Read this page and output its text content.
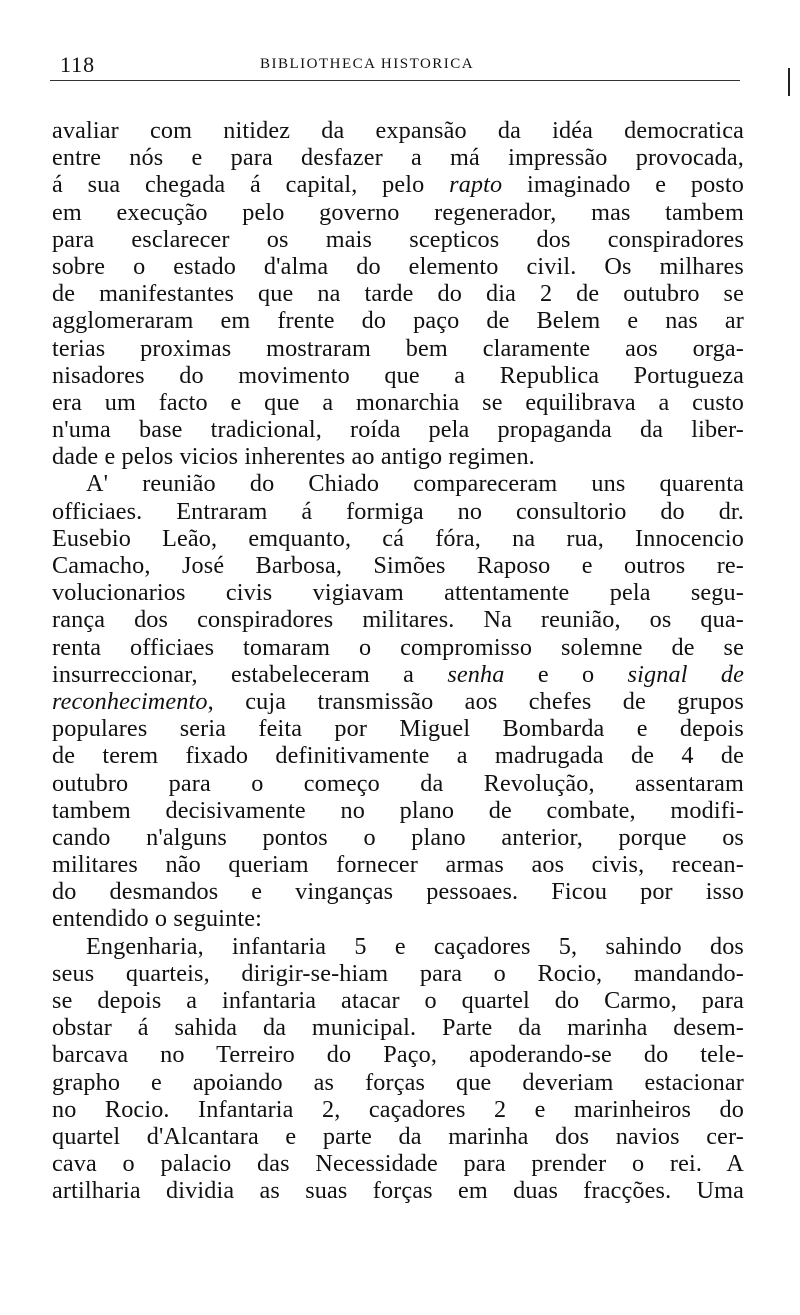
118	BIBLIOTHECA HISTORICA
avaliar com nitidez da expansão da idéa democratica
entre nós e para desfazer a má impressão provocada,
á sua chegada á capital, pelo rapto imaginado e posto
em execução pelo governo regenerador, mas tambem
para esclarecer os mais scepticos dos conspiradores
sobre o estado d'alma do elemento civil. Os milhares
de manifestantes que na tarde do dia 2 de outubro se
agglomeraram em frente do paço de Belem e nas ar
terias proximas mostraram bem claramente aos orga-
nisadores do movimento que a Republica Portugueza
era um facto e que a monarchia se equilibrava a custo
n'uma base tradicional, roída pela propaganda da liber-
dade e pelos vicios inherentes ao antigo regimen.
A' reunião do Chiado compareceram uns quarenta
officiaes. Entraram á formiga no consultorio do dr.
Eusebio Leão, emquanto, cá fóra, na rua, Innocencio
Camacho, José Barbosa, Simões Raposo e outros re-
volucionarios civis vigiavam attentamente pela segu-
rança dos conspiradores militares. Na reunião, os qua-
renta officiaes tomaram o compromisso solemne de se
insurreccionar, estabeleceram a senha e o signal de
reconhecimento, cuja transmissão aos chefes de grupos
populares seria feita por Miguel Bombarda e depois
de terem fixado definitivamente a madrugada de 4 de
outubro para o começo da Revolução, assentaram
tambem decisivamente no plano de combate, modifi-
cando n'alguns pontos o plano anterior, porque os
militares não queriam fornecer armas aos civis, recean-
do desmandos e vinganças pessoaes. Ficou por isso
entendido o seguinte:
Engenharia, infantaria 5 e caçadores 5, sahindo dos
seus quarteis, dirigir-se-hiam para o Rocio, mandando-
se depois a infantaria atacar o quartel do Carmo, para
obstar á sahida da municipal. Parte da marinha desem-
barcava no Terreiro do Paço, apoderando-se do tele-
grapho e apoiando as forças que deveriam estacionar
no Rocio. Infantaria 2, caçadores 2 e marinheiros do
quartel d'Alcantara e parte da marinha dos navios cer-
cava o palacio das Necessidade para prender o rei. A
artilharia dividia as suas forças em duas fracções. Uma
